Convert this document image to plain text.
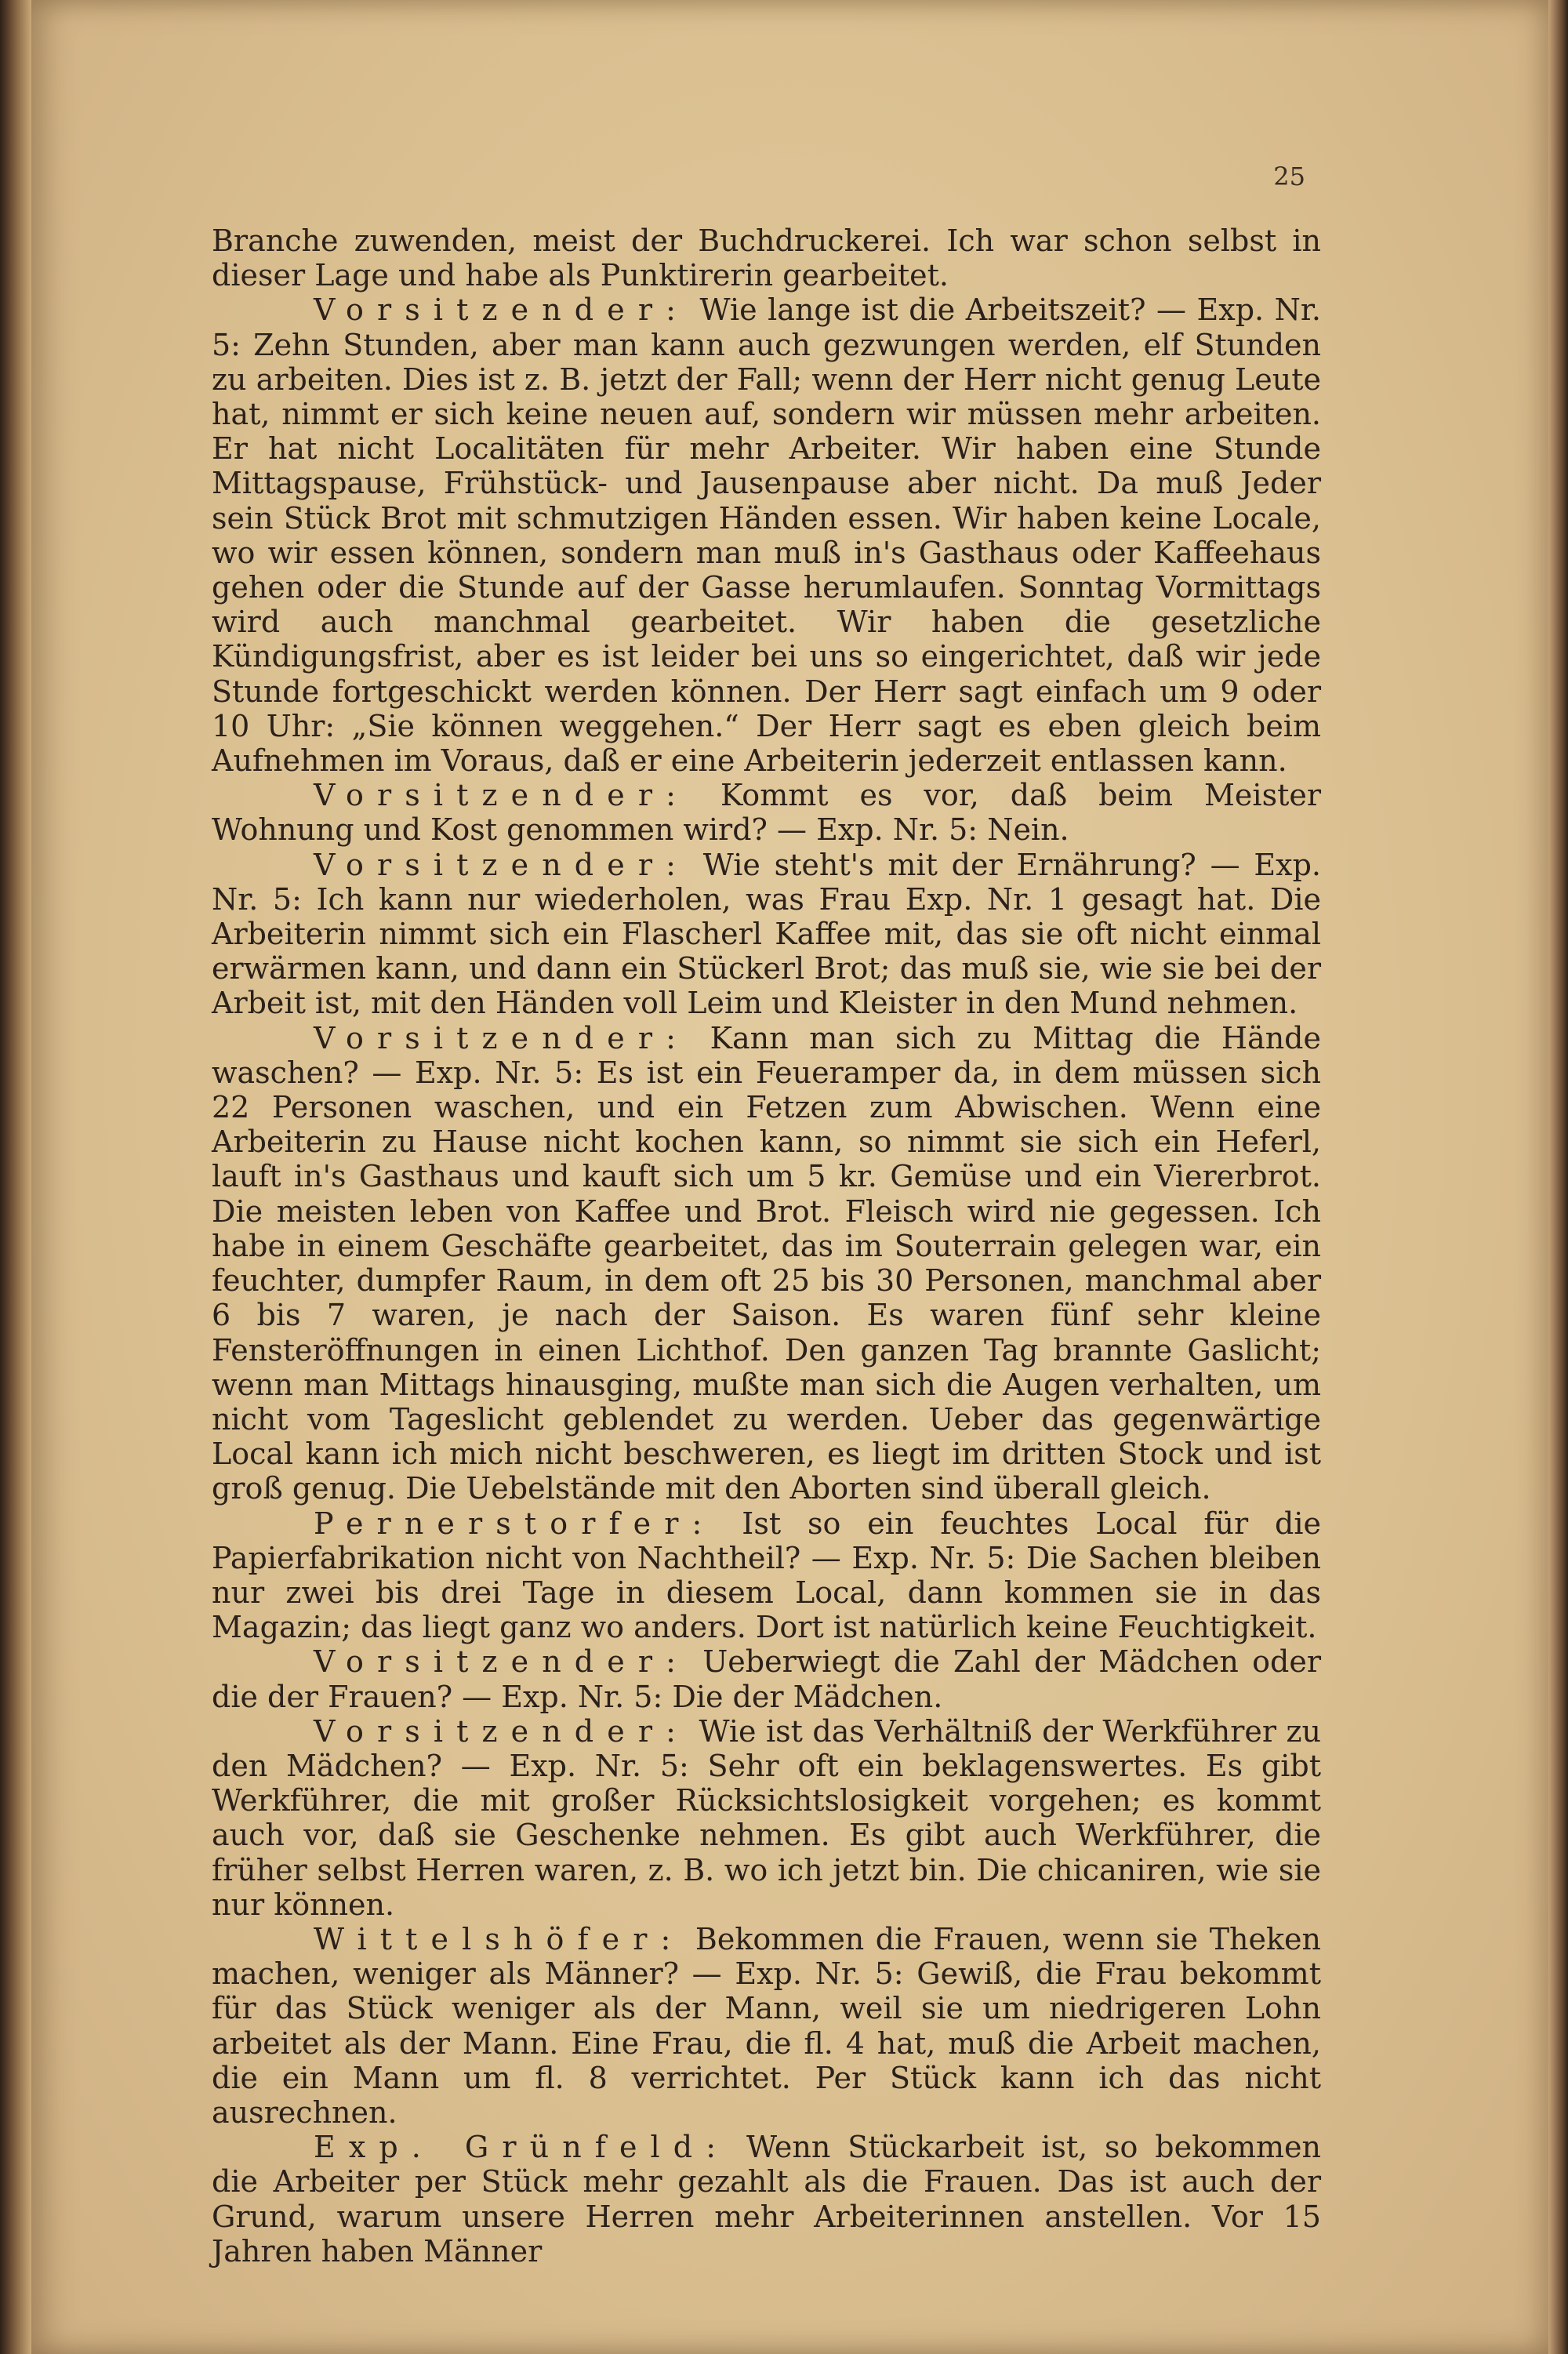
25

Branche zuwenden, meist der Buchdruckerei. Ich war schon selbst in dieser Lage und habe als Punktirerin gearbeitet.

Vorsitzender: Wie lange ist die Arbeitszeit? — Exp. Nr. 5: Zehn Stunden, aber man kann auch gezwungen werden, elf Stunden zu arbeiten. Dies ist z. B. jetzt der Fall; wenn der Herr nicht genug Leute hat, nimmt er sich keine neuen auf, sondern wir müssen mehr arbeiten. Er hat nicht Localitäten für mehr Arbeiter. Wir haben eine Stunde Mittagspause, Frühstück- und Jausenpause aber nicht. Da muß Jeder sein Stück Brot mit schmutzigen Händen essen. Wir haben keine Locale, wo wir essen können, sondern man muß in's Gasthaus oder Kaffeehaus gehen oder die Stunde auf der Gasse herumlaufen. Sonntag Vormittags wird auch manchmal gearbeitet. Wir haben die gesetzliche Kündigungsfrist, aber es ist leider bei uns so eingerichtet, daß wir jede Stunde fortgeschickt werden können. Der Herr sagt einfach um 9 oder 10 Uhr: „Sie können weggehen.“ Der Herr sagt es eben gleich beim Aufnehmen im Voraus, daß er eine Arbeiterin jederzeit entlassen kann.

Vorsitzender: Kommt es vor, daß beim Meister Wohnung und Kost genommen wird? — Exp. Nr. 5: Nein.

Vorsitzender: Wie steht's mit der Ernährung? — Exp. Nr. 5: Ich kann nur wiederholen, was Frau Exp. Nr. 1 gesagt hat. Die Arbeiterin nimmt sich ein Flascherl Kaffee mit, das sie oft nicht einmal erwärmen kann, und dann ein Stückerl Brot; das muß sie, wie sie bei der Arbeit ist, mit den Händen voll Leim und Kleister in den Mund nehmen.

Vorsitzender: Kann man sich zu Mittag die Hände waschen? — Exp. Nr. 5: Es ist ein Feueramper da, in dem müssen sich 22 Personen waschen, und ein Fetzen zum Abwischen. Wenn eine Arbeiterin zu Hause nicht kochen kann, so nimmt sie sich ein Heferl, lauft in's Gasthaus und kauft sich um 5 kr. Gemüse und ein Viererbrot. Die meisten leben von Kaffee und Brot. Fleisch wird nie gegessen. Ich habe in einem Geschäfte gearbeitet, das im Souterrain gelegen war, ein feuchter, dumpfer Raum, in dem oft 25 bis 30 Personen, manchmal aber 6 bis 7 waren, je nach der Saison. Es waren fünf sehr kleine Fensteröffnungen in einen Lichthof. Den ganzen Tag brannte Gaslicht; wenn man Mittags hinausging, mußte man sich die Augen verhalten, um nicht vom Tageslicht geblendet zu werden. Ueber das gegenwärtige Local kann ich mich nicht beschweren, es liegt im dritten Stock und ist groß genug. Die Uebelstände mit den Aborten sind überall gleich.

Pernerstorfer: Ist so ein feuchtes Local für die Papierfabrikation nicht von Nachtheil? — Exp. Nr. 5: Die Sachen bleiben nur zwei bis drei Tage in diesem Local, dann kommen sie in das Magazin; das liegt ganz wo anders. Dort ist natürlich keine Feuchtigkeit.

Vorsitzender: Ueberwiegt die Zahl der Mädchen oder die der Frauen? — Exp. Nr. 5: Die der Mädchen.

Vorsitzender: Wie ist das Verhältniß der Werkführer zu den Mädchen? — Exp. Nr. 5: Sehr oft ein beklagenswertes. Es gibt Werkführer, die mit großer Rücksichtslosigkeit vorgehen; es kommt auch vor, daß sie Geschenke nehmen. Es gibt auch Werkführer, die früher selbst Herren waren, z. B. wo ich jetzt bin. Die chicaniren, wie sie nur können.

Wittelshöfer: Bekommen die Frauen, wenn sie Theken machen, weniger als Männer? — Exp. Nr. 5: Gewiß, die Frau bekommt für das Stück weniger als der Mann, weil sie um niedrigeren Lohn arbeitet als der Mann. Eine Frau, die fl. 4 hat, muß die Arbeit machen, die ein Mann um fl. 8 verrichtet. Per Stück kann ich das nicht ausrechnen.

Exp. Grünfeld: Wenn Stückarbeit ist, so bekommen die Arbeiter per Stück mehr gezahlt als die Frauen. Das ist auch der Grund, warum unsere Herren mehr Arbeiterinnen anstellen. Vor 15 Jahren haben Männer
